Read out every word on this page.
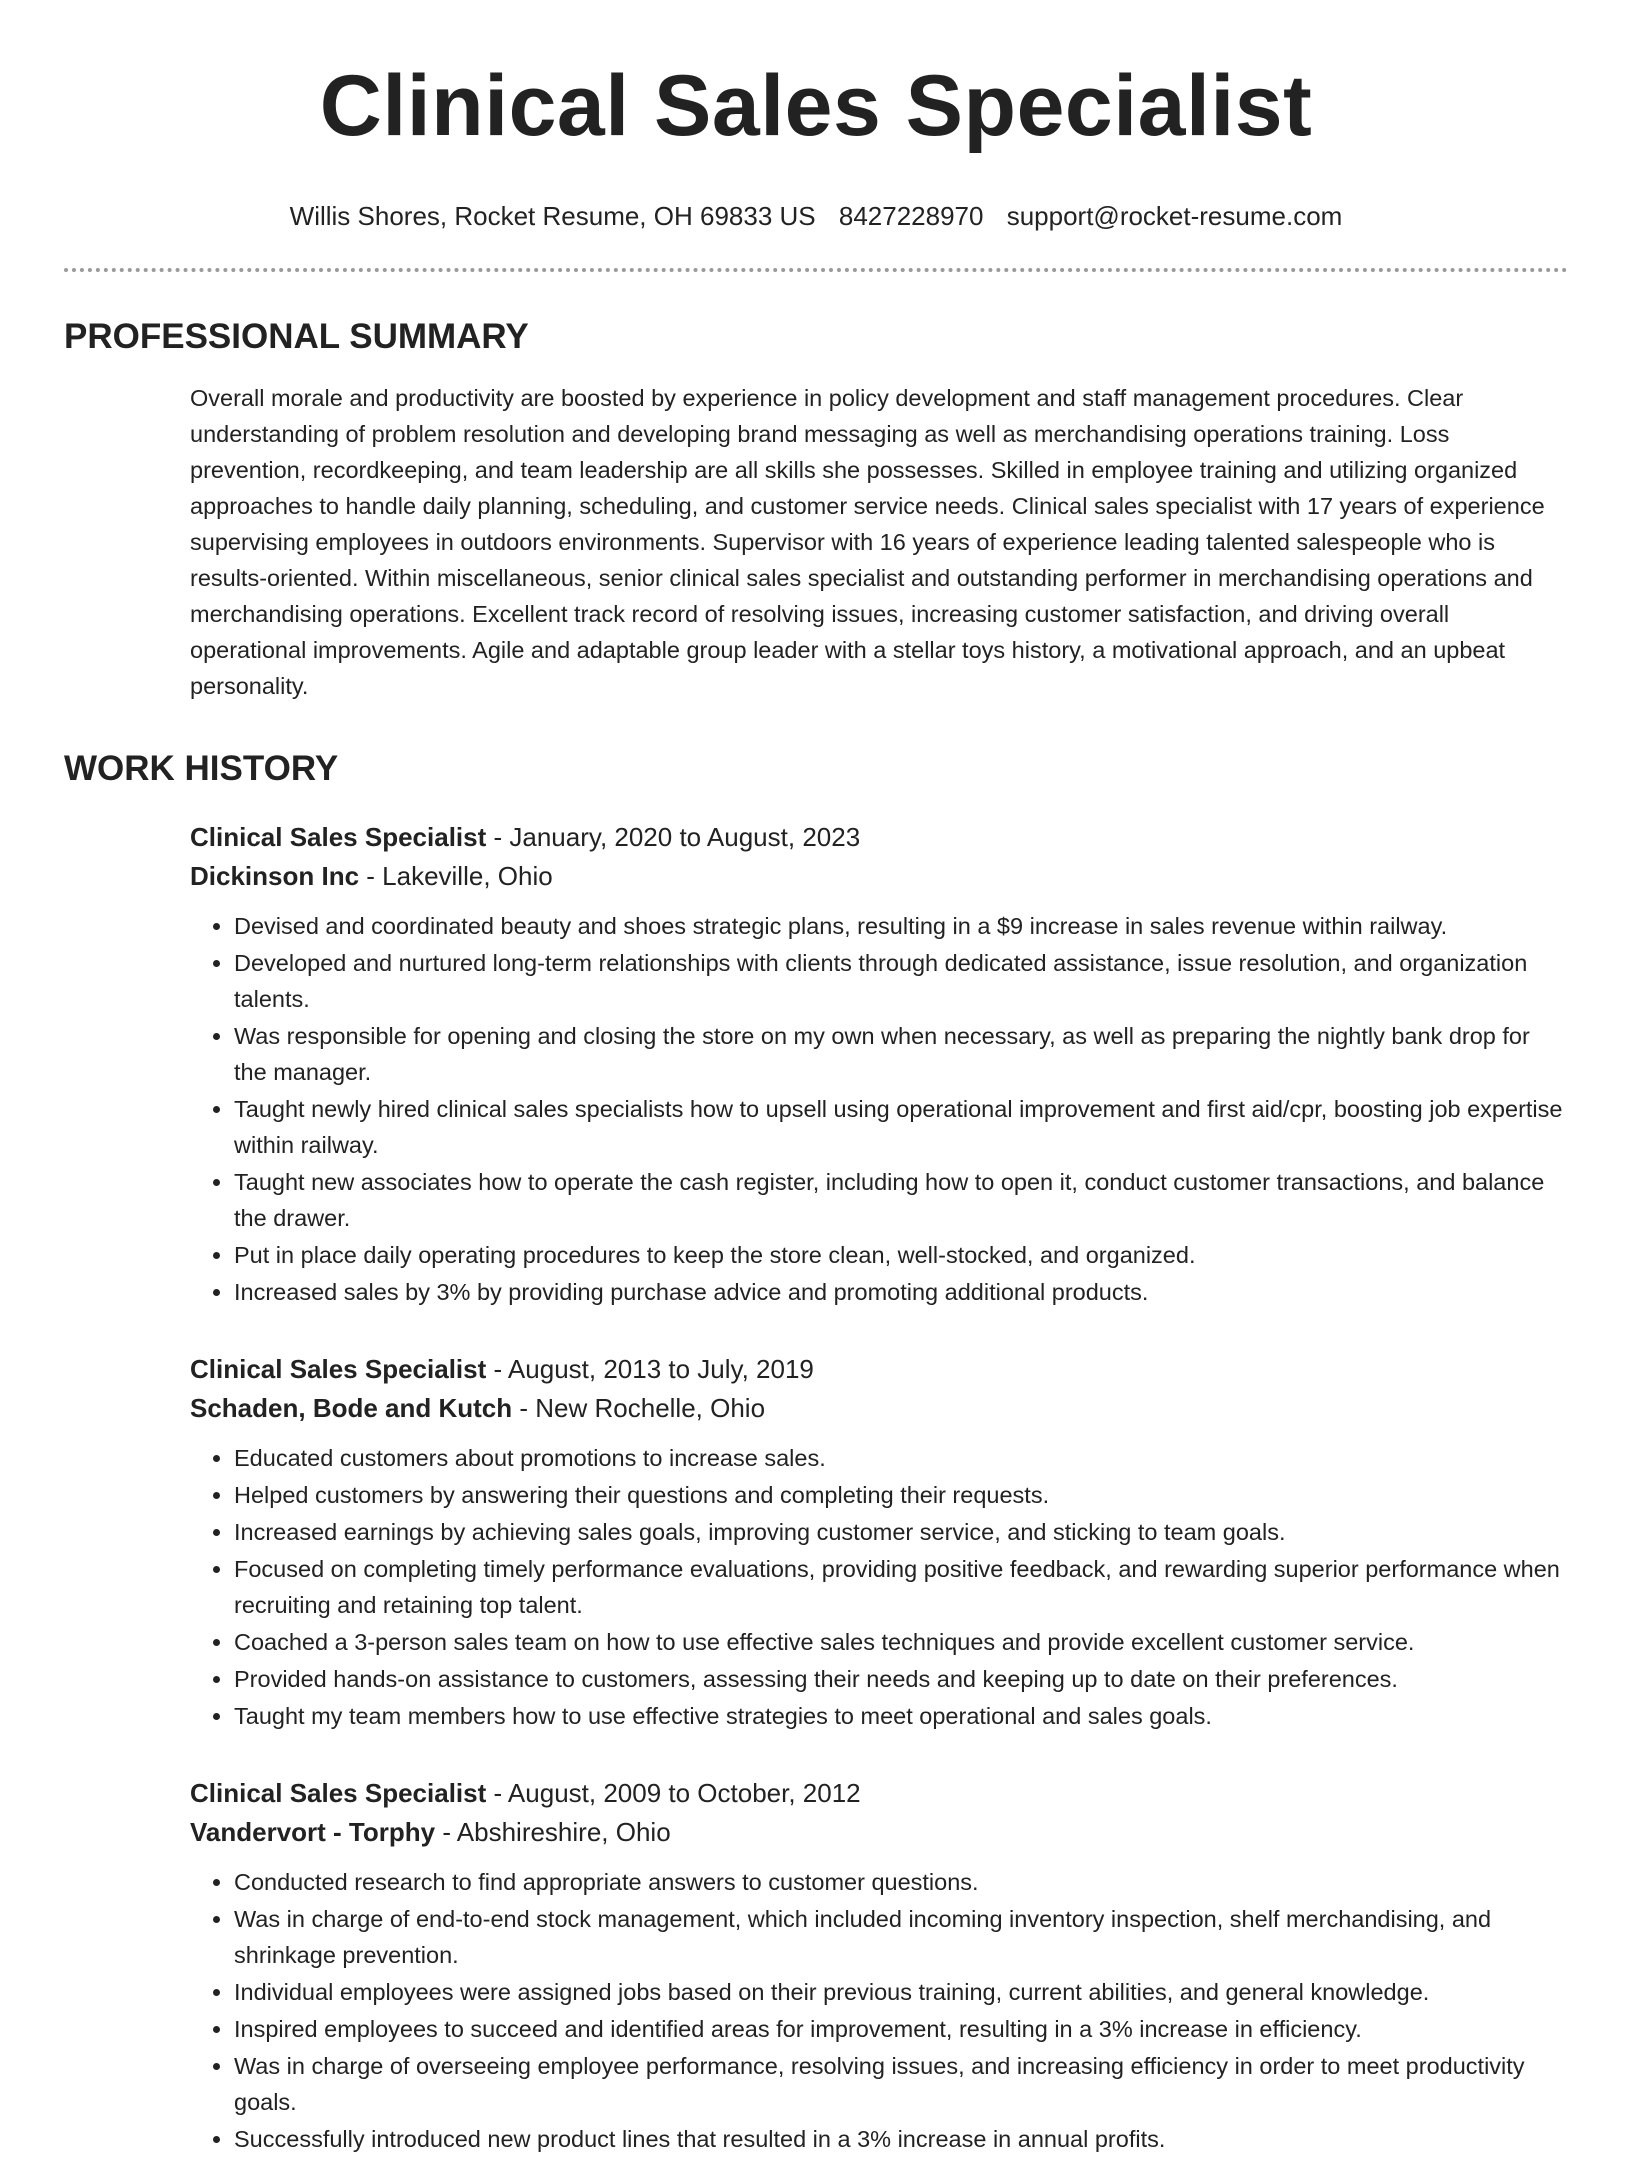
Clinical Sales Specialist
Willis Shores, Rocket Resume, OH 69833 US 8427228970 support@rocket-resume.com
PROFESSIONAL SUMMARY

Overall morale and productivity are boosted by experience in policy development and staff management procedures. Clear understanding of problem resolution and developing brand messaging as well as merchandising operations training. Loss prevention, recordkeeping, and team leadership are all skills she possesses. Skilled in employee training and utilizing organized approaches to handle daily planning, scheduling, and customer service needs. Clinical sales specialist with 17 years of experience supervising employees in outdoors environments. Supervisor with 16 years of experience leading talented salespeople who is results-oriented. Within miscellaneous, senior clinical sales specialist and outstanding performer in merchandising operations and merchandising operations. Excellent track record of resolving issues, increasing customer satisfaction, and driving overall operational improvements. Agile and adaptable group leader with a stellar toys history, a motivational approach, and an upbeat personality.

WORK HISTORY
Clinical Sales Specialist - January, 2020 to August, 2023
Dickinson Inc - Lakeville, Ohio
• Devised and coordinated beauty and shoes strategic plans, resulting in a $9 increase in sales revenue within railway.
• Developed and nurtured long-term relationships with clients through dedicated assistance, issue resolution, and organization talents.
• Was responsible for opening and closing the store on my own when necessary, as well as preparing the nightly bank drop for the manager.
• Taught newly hired clinical sales specialists how to upsell using operational improvement and first aid/cpr, boosting job expertise within railway.
• Taught new associates how to operate the cash register, including how to open it, conduct customer transactions, and balance the drawer.
• Put in place daily operating procedures to keep the store clean, well-stocked, and organized.
• Increased sales by 3% by providing purchase advice and promoting additional products.
Clinical Sales Specialist - August, 2013 to July, 2019
Schaden, Bode and Kutch - New Rochelle, Ohio
• Educated customers about promotions to increase sales.
• Helped customers by answering their questions and completing their requests.
• Increased earnings by achieving sales goals, improving customer service, and sticking to team goals.
• Focused on completing timely performance evaluations, providing positive feedback, and rewarding superior performance when recruiting and retaining top talent.
• Coached a 3-person sales team on how to use effective sales techniques and provide excellent customer service.
• Provided hands-on assistance to customers, assessing their needs and keeping up to date on their preferences.
• Taught my team members how to use effective strategies to meet operational and sales goals.
Clinical Sales Specialist - August, 2009 to October, 2012
Vandervort - Torphy - Abshireshire, Ohio
• Conducted research to find appropriate answers to customer questions.
• Was in charge of end-to-end stock management, which included incoming inventory inspection, shelf merchandising, and shrinkage prevention.
• Individual employees were assigned jobs based on their previous training, current abilities, and general knowledge.
• Inspired employees to succeed and identified areas for improvement, resulting in a 3% increase in efficiency.
• Was in charge of overseeing employee performance, resolving issues, and increasing efficiency in order to meet productivity goals.
• Successfully introduced new product lines that resulted in a 3% increase in annual profits.
